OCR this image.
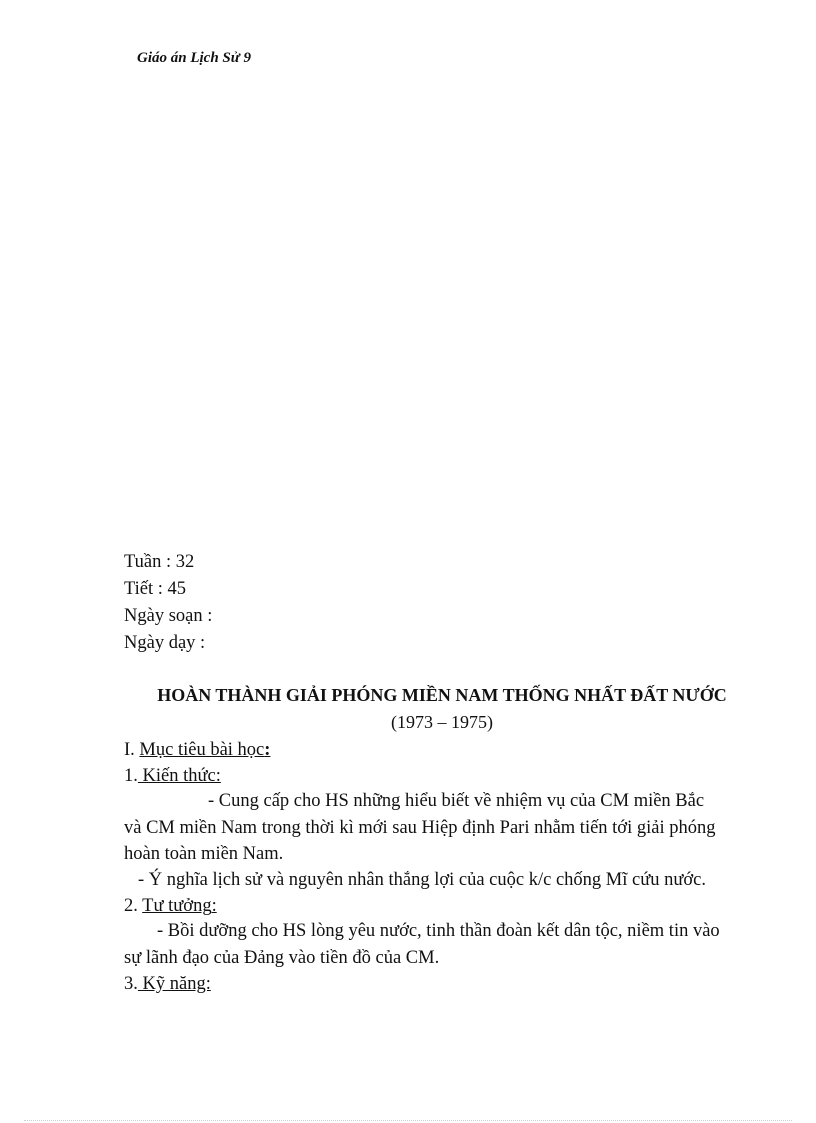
Giáo án Lịch Sử 9
Tuần : 32
Tiết : 45
Ngày soạn :
Ngày dạy :
HOÀN THÀNH GIẢI PHÓNG MIỀN NAM THỐNG NHẤT ĐẤT NƯỚC
(1973 – 1975)
I. Mục tiêu bài học:
1. Kiến thức:
- Cung cấp cho HS những hiểu biết về nhiệm vụ của CM miền Bắc
và CM miền Nam trong thời kì mới sau Hiệp định Pari nhằm tiến tới giải phóng
hoàn toàn miền Nam.
- Ý nghĩa lịch sử và nguyên nhân thắng lợi của cuộc k/c chống Mĩ cứu nước.
2. Tư tưởng:
- Bồi dưỡng cho HS lòng yêu nước, tinh thần đoàn kết dân tộc, niềm tin vào
sự lãnh đạo của Đảng vào tiền đồ của CM.
3. Kỹ năng:
